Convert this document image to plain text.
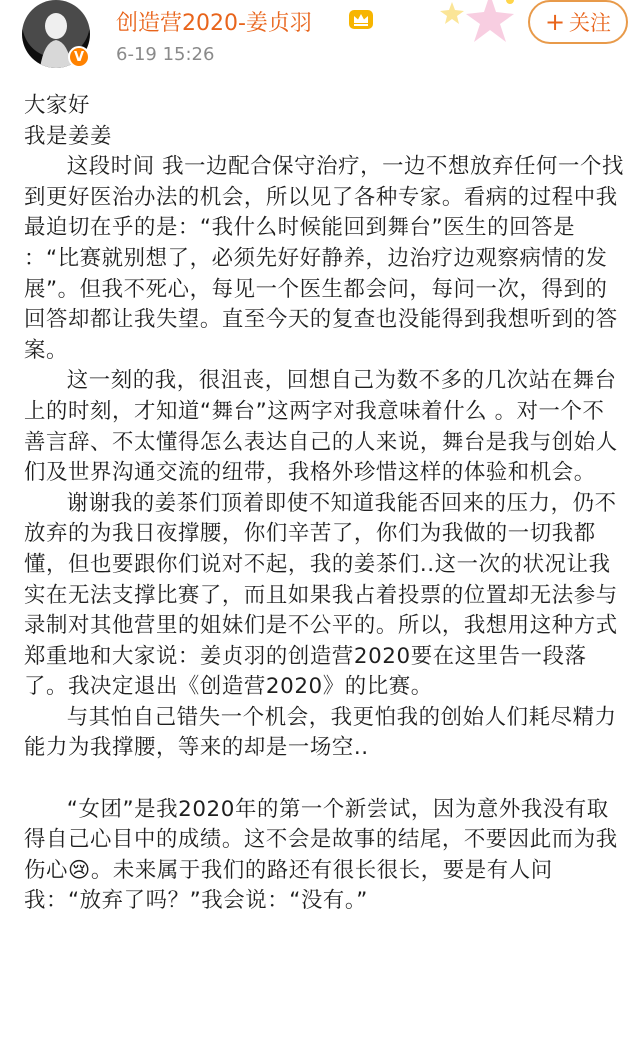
V
创造营2020-姜贞羽
6-19 15:26
+ 关注

大家好

我是姜姜

这段时间 我一边配合保守治疗，一边不想放弃任何一个找到更好医治办法的机会，所以见了各种专家。看病的过程中我最迫切在乎的是：“我什么时候能回到舞台”医生的回答是 ：“比赛就别想了，必须先好好静养，边治疗边观察病情的发展”。但我不死心，每见一个医生都会问，每问一次，得到的回答却都让我失望。直至今天的复查也没能得到我想听到的答案。

这一刻的我，很沮丧，回想自己为数不多的几次站在舞台上的时刻，才知道“舞台”这两字对我意味着什么 。对一个不善言辞、不太懂得怎么表达自己的人来说，舞台是我与创始人们及世界沟通交流的纽带，我格外珍惜这样的体验和机会。

谢谢我的姜茶们顶着即使不知道我能否回来的压力，仍不放弃的为我日夜撑腰，你们辛苦了，你们为我做的一切我都懂，但也要跟你们说对不起，我的姜茶们..这一次的状况让我实在无法支撑比赛了，而且如果我占着投票的位置却无法参与录制对其他营里的姐妹们是不公平的。所以，我想用这种方式郑重地和大家说：姜贞羽的创造营2020要在这里告一段落了。我决定退出《创造营2020》的比赛。

与其怕自己错失一个机会，我更怕我的创始人们耗尽精力能力为我撑腰，等来的却是一场空..

“女团”是我2020年的第一个新尝试，因为意外我没有取得自己心目中的成绩。这不会是故事的结尾，不要因此而为我伤心😢。未来属于我们的路还有很长很长，要是有人问我：“放弃了吗？”我会说：“没有。”
